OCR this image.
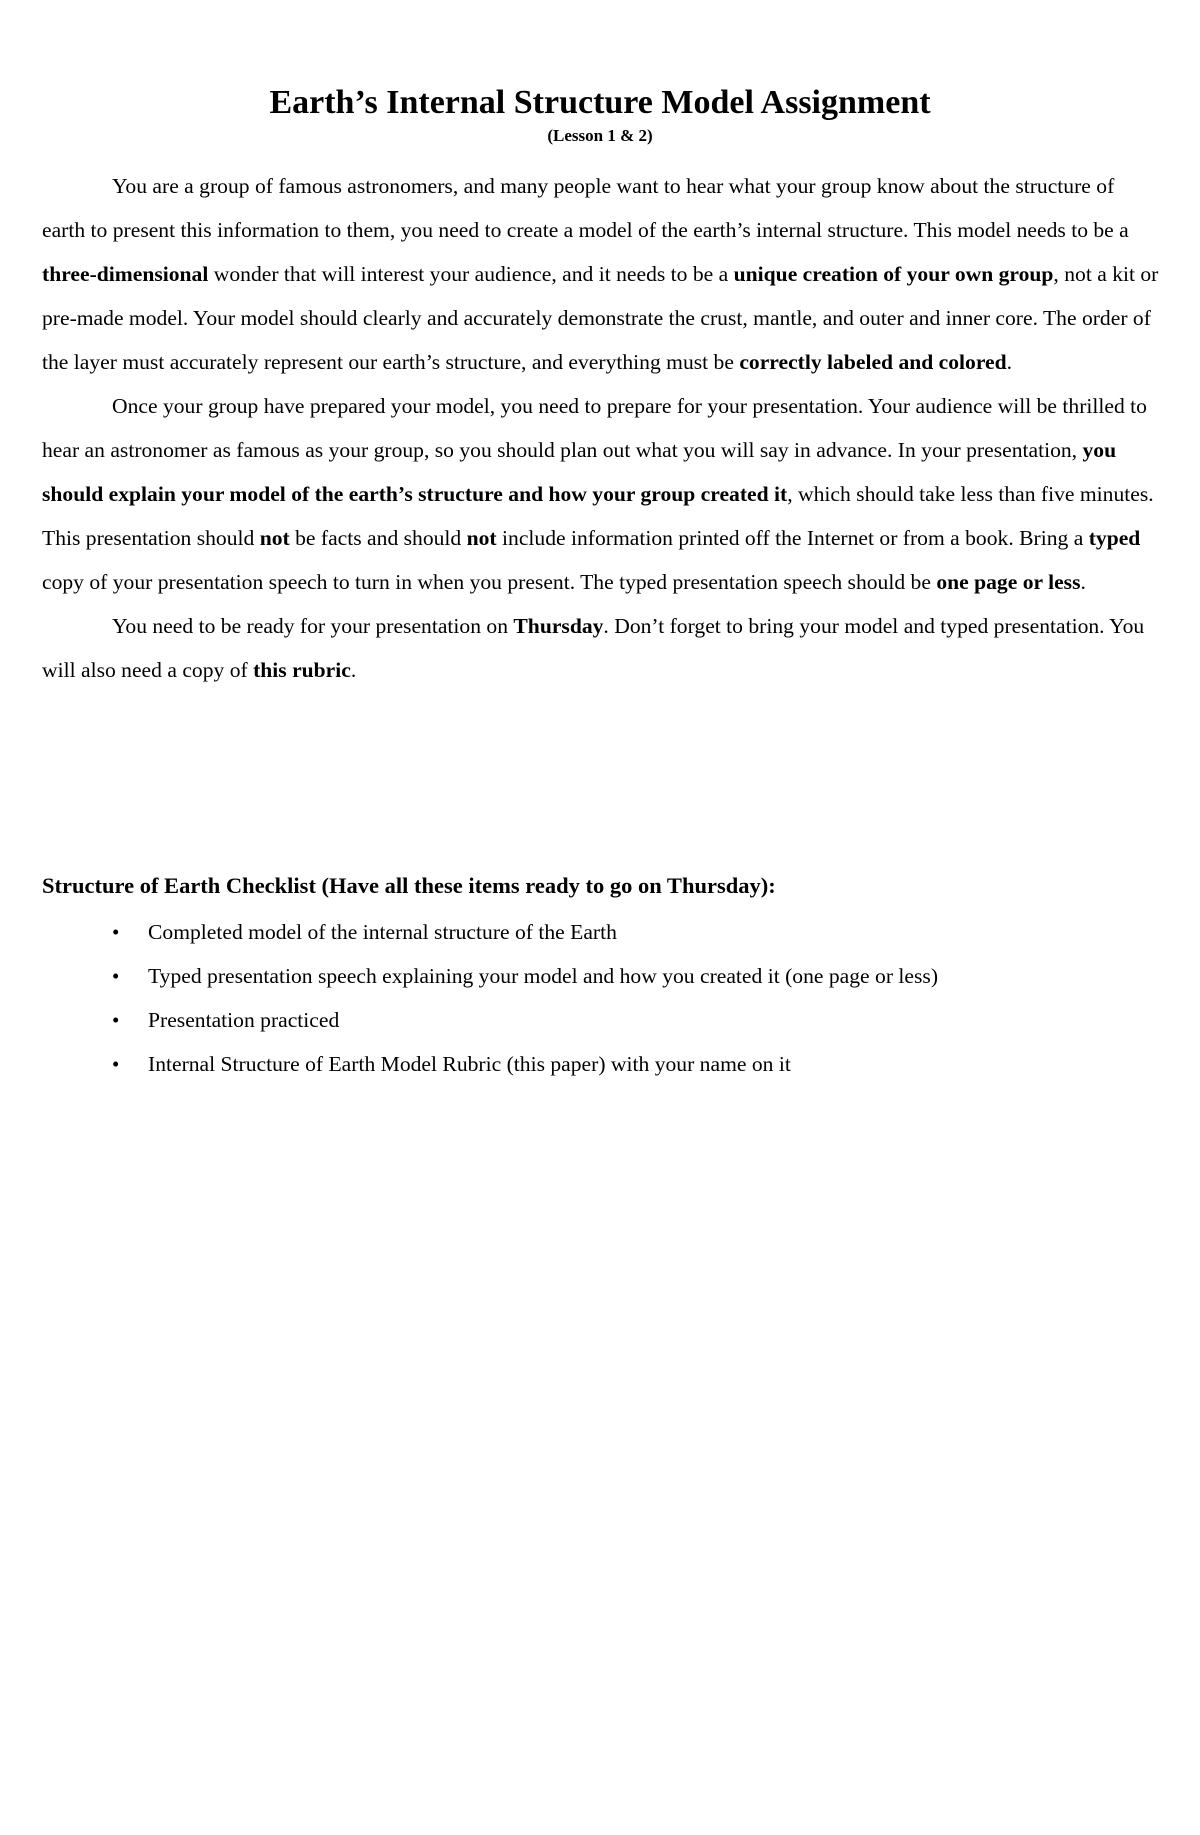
Earth’s Internal Structure Model Assignment
(Lesson 1 & 2)

You are a group of famous astronomers, and many people want to hear what your group know about the structure of earth to present this information to them, you need to create a model of the earth’s internal structure. This model needs to be a three-dimensional wonder that will interest your audience, and it needs to be a unique creation of your own group, not a kit or pre-made model. Your model should clearly and accurately demonstrate the crust, mantle, and outer and inner core. The order of the layer must accurately represent our earth’s structure, and everything must be correctly labeled and colored.

Once your group have prepared your model, you need to prepare for your presentation. Your audience will be thrilled to hear an astronomer as famous as your group, so you should plan out what you will say in advance. In your presentation, you should explain your model of the earth’s structure and how your group created it, which should take less than five minutes. This presentation should not be facts and should not include information printed off the Internet or from a book. Bring a typed copy of your presentation speech to turn in when you present. The typed presentation speech should be one page or less.

You need to be ready for your presentation on Thursday. Don’t forget to bring your model and typed presentation. You will also need a copy of this rubric.

Structure of Earth Checklist (Have all these items ready to go on Thursday):
• Completed model of the internal structure of the Earth
• Typed presentation speech explaining your model and how you created it (one page or less)
• Presentation practiced
• Internal Structure of Earth Model Rubric (this paper) with your name on it
